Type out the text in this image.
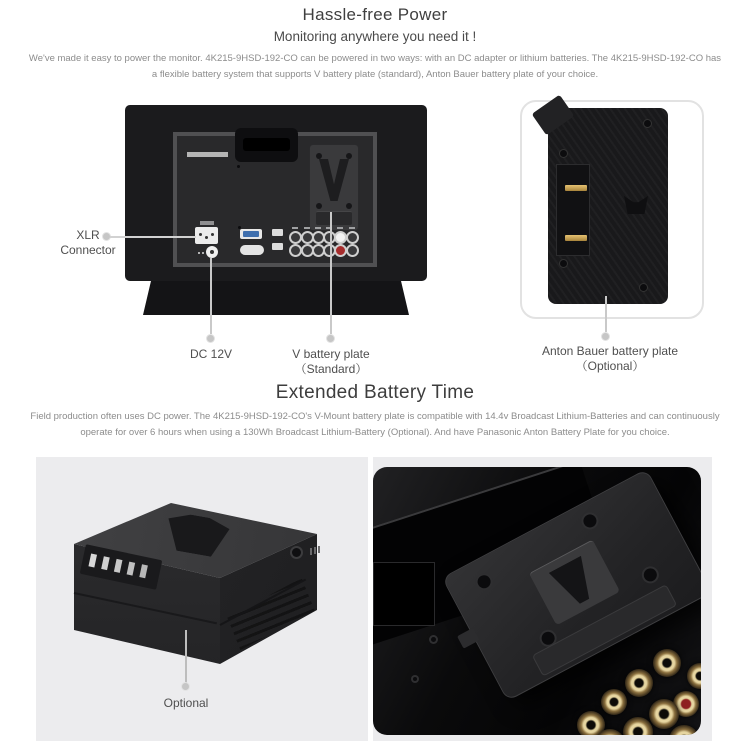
Hassle-free Power
Monitoring anywhere you need it !
We've made it easy to power the monitor. 4K215-9HSD-192-CO can be powered in two ways: with an DC adapter or lithium batteries. The 4K215-9HSD-192-CO has a flexible battery system that supports V battery plate (standard), Anton Bauer battery plate of your choice.
XLR Connector
DC 12V	V battery plate
（Standard）
Anton Bauer battery plate
（Optional）
Extended Battery Time
Field production often uses DC power. The 4K215-9HSD-192-CO's V-Mount battery plate is compatible with 14.4v Broadcast Lithium-Batteries and can continuously operate for over 6 hours when using a 130Wh Broadcast Lithium-Battery (Optional). And have Panasonic Anton Battery Plate for you choice.
Optional
